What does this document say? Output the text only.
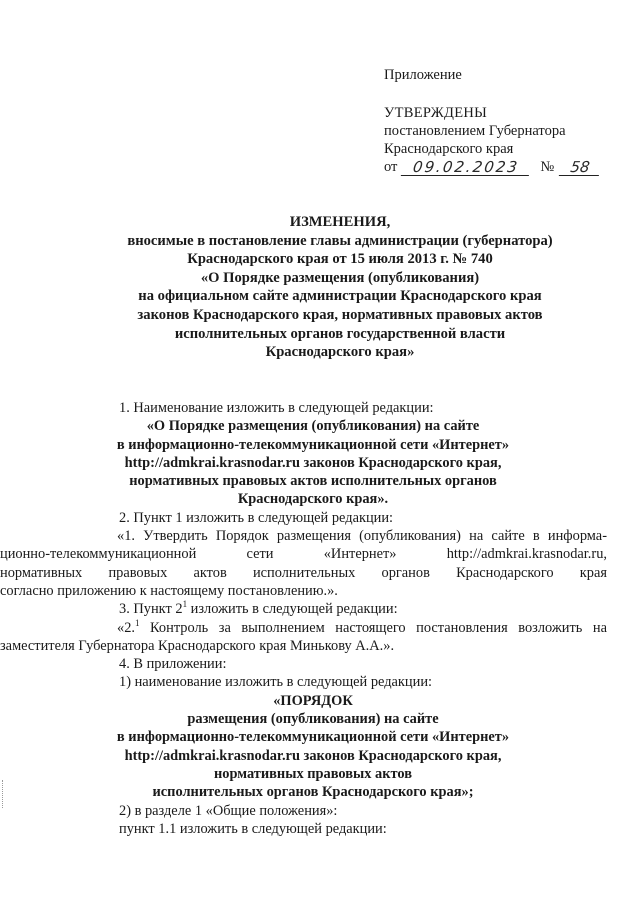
Приложение
УТВЕРЖДЕНЫ
постановлением Губернатора
Краснодарского края
от 09.02.2023	№	58
ИЗМЕНЕНИЯ,
вносимые в постановление главы администрации (губернатора)
Краснодарского края от 15 июля 2013 г. № 740
«О Порядке размещения (опубликования)
на официальном сайте администрации Краснодарского края
законов Краснодарского края, нормативных правовых актов
исполнительных органов государственной власти
Краснодарского края»
1. Наименование изложить в следующей редакции:
«О Порядке размещения (опубликования) на сайте
в информационно-телекоммуникационной сети «Интернет»
http://admkrai.krasnodar.ru законов Краснодарского края,
нормативных правовых актов исполнительных органов
Краснодарского края».
2. Пункт 1 изложить в следующей редакции:
«1. Утвердить Порядок размещения (опубликования) на сайте в информа-
ционно-телекоммуникационной сети «Интернет» http://admkrai.krasnodar.ru,
нормативных правовых актов исполнительных органов Краснодарского края
согласно приложению к настоящему постановлению.».
3. Пункт $2^1$ изложить в следующей редакции:
«2.$^1$ Контроль за выполнением настоящего постановления возложить на
заместителя Губернатора Краснодарского края Минькову А.А.».
4. В приложении:
1) наименование изложить в следующей редакции:
«ПОРЯДОК
размещения (опубликования) на сайте
в информационно-телекоммуникационной сети «Интернет»
http://admkrai.krasnodar.ru законов Краснодарского края,
нормативных правовых актов
исполнительных органов Краснодарского края»;
2) в разделе 1 «Общие положения»:
пункт 1.1 изложить в следующей редакции:
